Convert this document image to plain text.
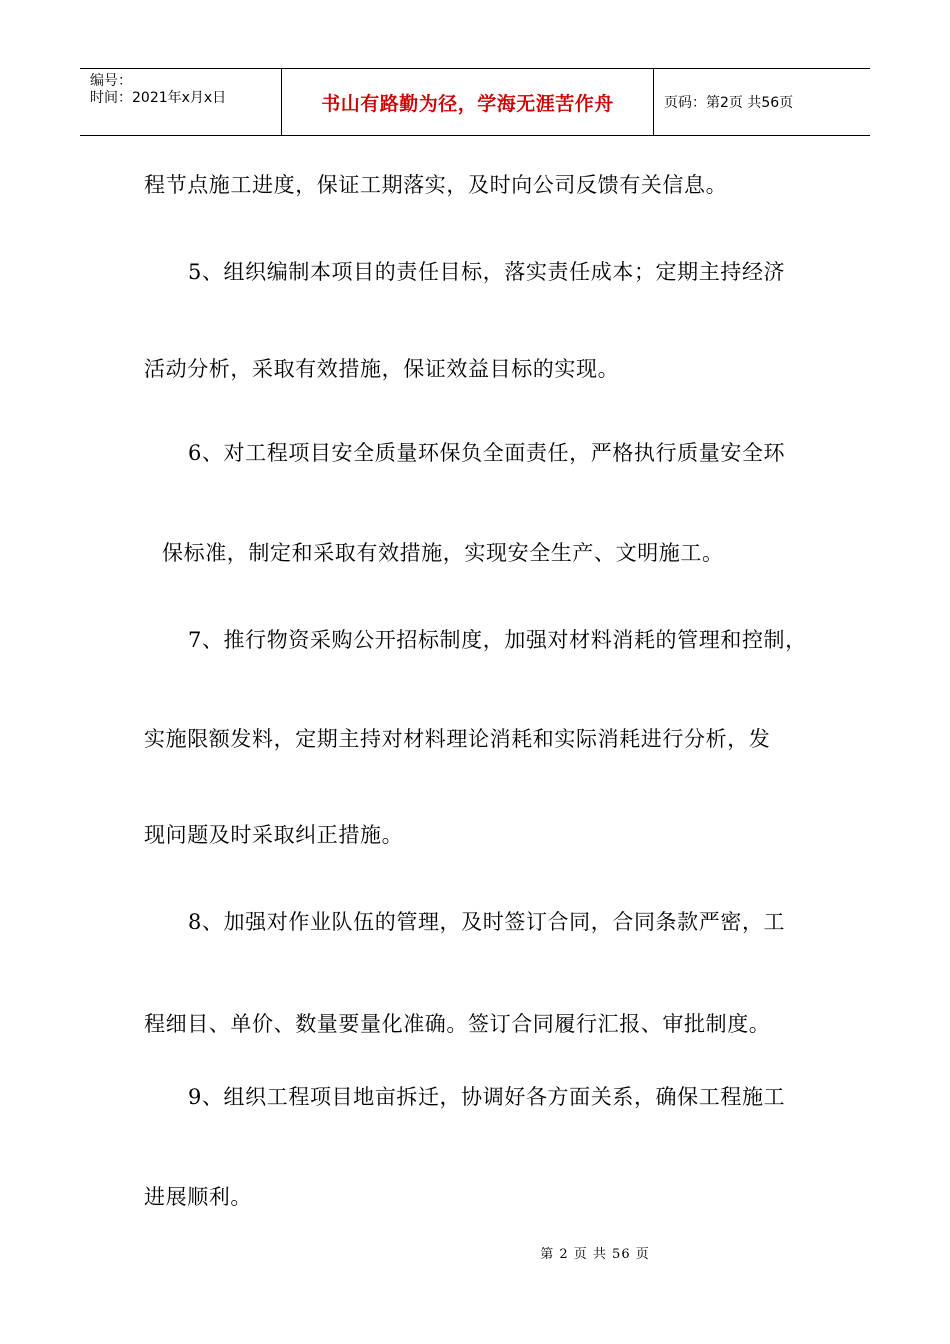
编号：
时间：2021年x月x日	书山有路勤为径，学海无涯苦作舟	页码：第2页 共56页
程节点施工进度，保证工期落实，及时向公司反馈有关信息。
5、组织编制本项目的责任目标，落实责任成本；定期主持经济
活动分析，采取有效措施，保证效益目标的实现。
6、对工程项目安全质量环保负全面责任，严格执行质量安全环
保标准，制定和采取有效措施，实现安全生产、文明施工。
7、推行物资采购公开招标制度，加强对材料消耗的管理和控制，
实施限额发料，定期主持对材料理论消耗和实际消耗进行分析，发
现问题及时采取纠正措施。
8、加强对作业队伍的管理，及时签订合同，合同条款严密，工
程细目、单价、数量要量化准确。签订合同履行汇报、审批制度。
9、组织工程项目地亩拆迁，协调好各方面关系，确保工程施工
进展顺利。
第 2 页 共 56 页
